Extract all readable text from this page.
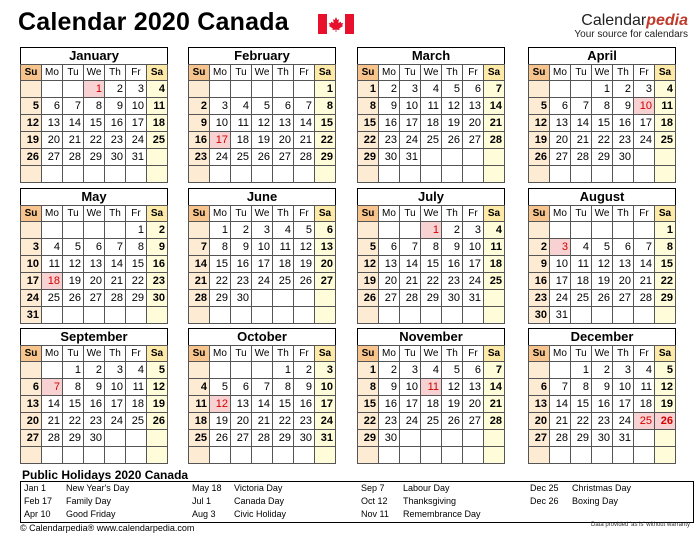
Calendar 2020 Canada	Calendarpedia
Your source for calendars
January
Su	Mo	Tu	We	Th	Fr	Sa
			1	2	3	4
5	6	7	8	9	10	11
12	13	14	15	16	17	18
19	20	21	22	23	24	25
26	27	28	29	30	31	

February
Su	Mo	Tu	We	Th	Fr	Sa
						1
2	3	4	5	6	7	8
9	10	11	12	13	14	15
16	17	18	19	20	21	22
23	24	25	26	27	28	29

March
Su	Mo	Tu	We	Th	Fr	Sa
1	2	3	4	5	6	7
8	9	10	11	12	13	14
15	16	17	18	19	20	21
22	23	24	25	26	27	28
29	30	31				

April
Su	Mo	Tu	We	Th	Fr	Sa
			1	2	3	4
5	6	7	8	9	10	11
12	13	14	15	16	17	18
19	20	21	22	23	24	25
26	27	28	29	30		

May
Su	Mo	Tu	We	Th	Fr	Sa
					1	2
3	4	5	6	7	8	9
10	11	12	13	14	15	16
17	18	19	20	21	22	23
24	25	26	27	28	29	30
31						
June
Su	Mo	Tu	We	Th	Fr	Sa
	1	2	3	4	5	6
7	8	9	10	11	12	13
14	15	16	17	18	19	20
21	22	23	24	25	26	27
28	29	30				

July
Su	Mo	Tu	We	Th	Fr	Sa
			1	2	3	4
5	6	7	8	9	10	11
12	13	14	15	16	17	18
19	20	21	22	23	24	25
26	27	28	29	30	31	

August
Su	Mo	Tu	We	Th	Fr	Sa
						1
2	3	4	5	6	7	8
9	10	11	12	13	14	15
16	17	18	19	20	21	22
23	24	25	26	27	28	29
30	31					
September
Su	Mo	Tu	We	Th	Fr	Sa
		1	2	3	4	5
6	7	8	9	10	11	12
13	14	15	16	17	18	19
20	21	22	23	24	25	26
27	28	29	30			

October
Su	Mo	Tu	We	Th	Fr	Sa
				1	2	3
4	5	6	7	8	9	10
11	12	13	14	15	16	17
18	19	20	21	22	23	24
25	26	27	28	29	30	31

November
Su	Mo	Tu	We	Th	Fr	Sa
1	2	3	4	5	6	7
8	9	10	11	12	13	14
15	16	17	18	19	20	21
22	23	24	25	26	27	28
29	30					

December
Su	Mo	Tu	We	Th	Fr	Sa
		1	2	3	4	5
6	7	8	9	10	11	12
13	14	15	16	17	18	19
20	21	22	23	24	25	26
27	28	29	30	31		

Public Holidays 2020 Canada
Jan 1 New Year's Day
Feb 17 Family Day
Apr 10 Good Friday
May 18 Victoria Day
Jul 1	Canada Day
Aug 3 Civic Holiday
Sep 7 Labour Day
Oct 12 Thanksgiving
Nov 11 Remembrance Day
Dec 25 Christmas Day
Dec 26 Boxing Day
© Calendarpedia® www.calendarpedia.com	Data provided 'as is' without warranty
